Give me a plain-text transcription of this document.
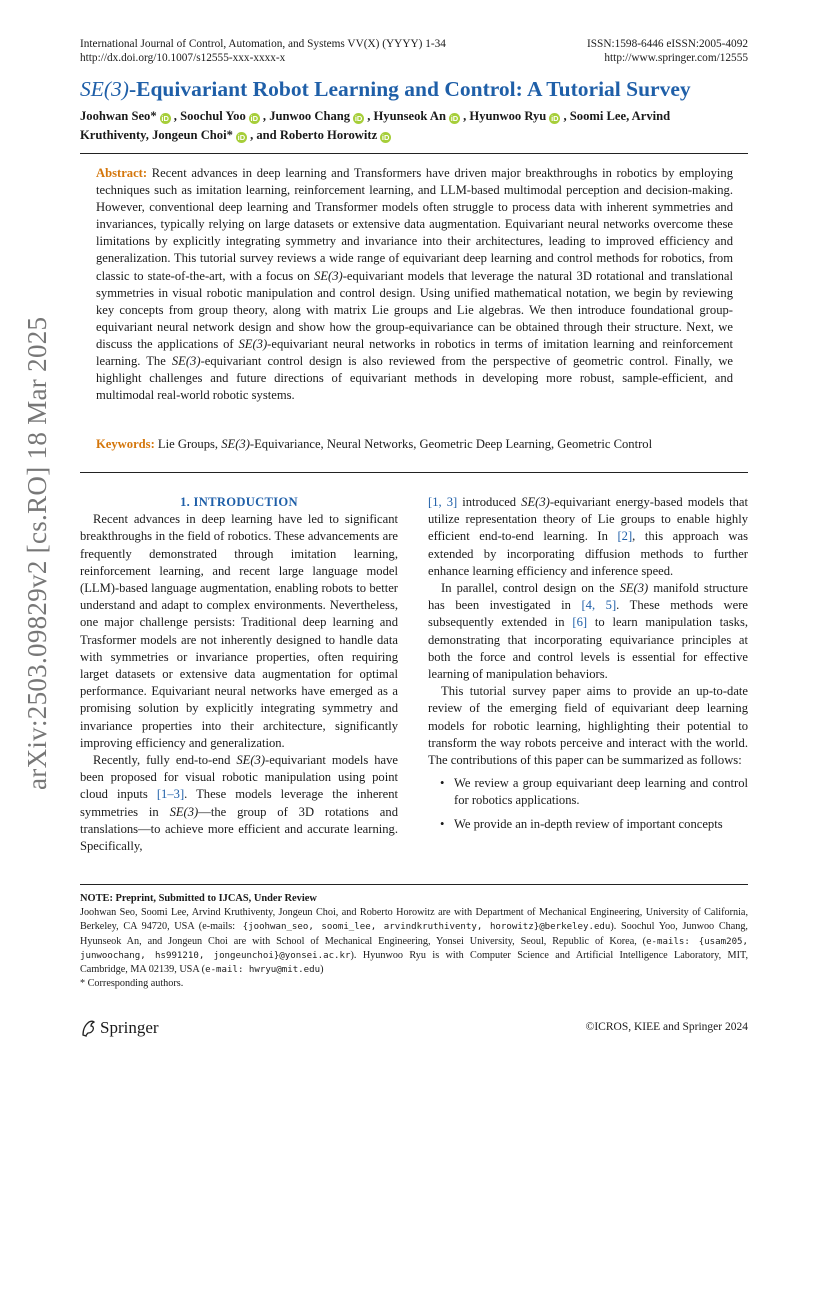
International Journal of Control, Automation, and Systems VV(X) (YYYY) 1-34
http://dx.doi.org/10.1007/s12555-xxx-xxxx-x
ISSN:1598-6446 eISSN:2005-4092
http://www.springer.com/12555
SE(3)-Equivariant Robot Learning and Control: A Tutorial Survey
Joohwan Seo* iD , Soochul Yoo iD , Junwoo Chang iD , Hyunseok An iD , Hyunwoo Ryu iD , Soomi Lee, Arvind
Kruthiventy, Jongeun Choi* iD , and Roberto Horowitz iD
Abstract: Recent advances in deep learning and Transformers have driven major breakthroughs in robotics by employing techniques such as imitation learning, reinforcement learning, and LLM-based multimodal perception and decision-making. However, conventional deep learning and Transformer models often struggle to process data with inherent symmetries and invariances, typically relying on large datasets or extensive data augmentation. Equivariant neural networks overcome these limitations by explicitly integrating symmetry and invariance into their architectures, leading to improved efficiency and generalization. This tutorial survey reviews a wide range of equivariant deep learning and control methods for robotics, from classic to state-of-the-art, with a focus on SE(3)-equivariant models that leverage the natural 3D rotational and translational symmetries in visual robotic manipulation and control design. Using unified mathematical notation, we begin by reviewing key concepts from group theory, along with matrix Lie groups and Lie algebras. We then introduce foundational group-equivariant neural network design and show how the group-equivariance can be obtained through their structure. Next, we discuss the applications of SE(3)-equivariant neural networks in robotics in terms of imitation learning and reinforcement learning. The SE(3)-equivariant control design is also reviewed from the perspective of geometric control. Finally, we highlight challenges and future directions of equivariant methods in developing more robust, sample-efficient, and multimodal real-world robotic systems.
Keywords: Lie Groups, SE(3)-Equivariance, Neural Networks, Geometric Deep Learning, Geometric Control
arXiv:2503.09829v2 [cs.RO] 18 Mar 2025	1. INTRODUCTION

Recent advances in deep learning have led to significant breakthroughs in the field of robotics. These advancements are frequently demonstrated through imitation learning, reinforcement learning, and recent large language model (LLM)-based language augmentation, enabling robots to better understand and adapt to complex environments. Nevertheless, one major challenge persists: Traditional deep learning and Trasformer models are not inherently designed to handle data with symmetries or invariance properties, often requiring larget datasets or extensive data augmentation for optimal performance. Equivariant neural networks have emerged as a promising solution by explicitly integrating symmetry and invariance properties into their architecture, significantly improving efficiency and generalization.

Recently, fully end-to-end SE(3)-equivariant models have been proposed for visual robotic manipulation using point cloud inputs [1–3]. These models leverage the inherent symmetries in SE(3)—the group of 3D rotations and translations—to achieve more efficient and accurate learning. Specifically,

[1, 3] introduced SE(3)-equivariant energy-based models that utilize representation theory of Lie groups to enable highly efficient end-to-end learning. In [2], this approach was extended by incorporating diffusion methods to further enhance learning efficiency and inference speed.

In parallel, control design on the SE(3) manifold structure has been investigated in [4, 5]. These methods were subsequently extended in [6] to learn manipulation tasks, demonstrating that incorporating equivariance principles at both the force and control levels is essential for effective learning of manipulation behaviors.

This tutorial survey paper aims to provide an up-to-date review of the emerging field of equivariant deep learning models for robotic learning, highlighting their potential to transform the way robots perceive and interact with the world. The contributions of this paper can be summarized as follows:

• We review a group equivariant deep learning and control for robotics applications.
• We provide an in-depth review of important concepts
NOTE: Preprint, Submitted to IJCAS, Under Review
Joohwan Seo, Soomi Lee, Arvind Kruthiventy, Jongeun Choi, and Roberto Horowitz are with Department of Mechanical Engineering, University of California, Berkeley, CA 94720, USA (e-mails: {joohwan_seo, soomi_lee, arvindkruthiventy, horowitz}@berkeley.edu). Soochul Yoo, Junwoo Chang, Hyunseok An, and Jongeun Choi are with School of Mechanical Engineering, Yonsei University, Seoul, Republic of Korea, (e-mails: {usam205, junwoochang, hs991210, jongeunchoi}@yonsei.ac.kr). Hyunwoo Ryu is with Computer Science and Artificial Intelligence Laboratory, MIT, Cambridge, MA 02139, USA (e-mail: hwryu@mit.edu)
* Corresponding authors.
Springer	©ICROS, KIEE and Springer 2024
